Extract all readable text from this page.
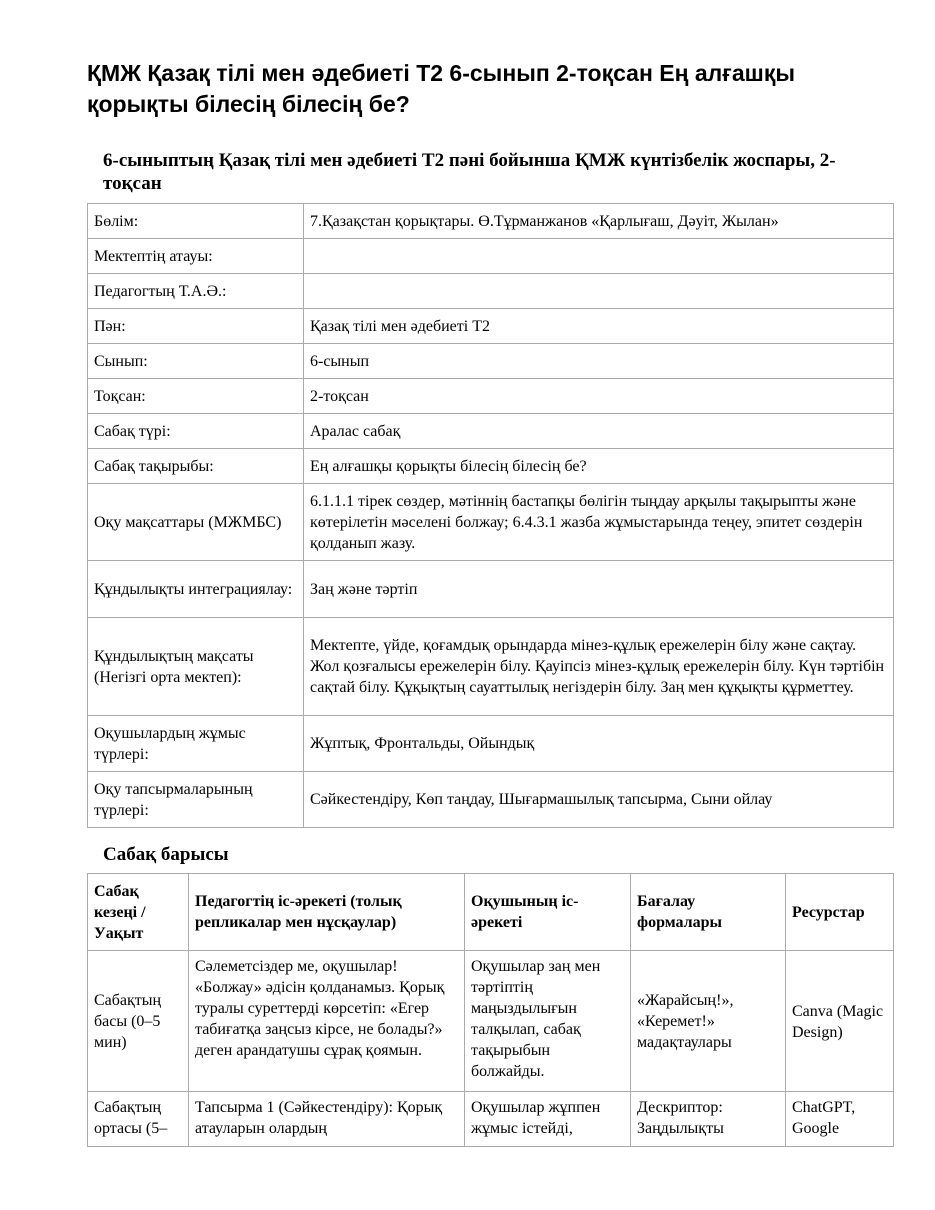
ҚМЖ Қазақ тілі мен әдебиеті Т2 6-сынып 2-тоқсан Ең алғашқы қорықты білесің білесің бе?
6-сыныптың Қазақ тілі мен әдебиеті Т2 пәні бойынша ҚМЖ күнтізбелік жоспары, 2-тоқсан
Бөлім:	7.Қазақстан қорықтары. Ө.Тұрманжанов «Қарлығаш, Дәуіт, Жылан»
Мектептің атауы:	
Педагогтың Т.А.Ә.:	
Пән:	Қазақ тілі мен әдебиеті Т2
Сынып:	6-сынып
Тоқсан:	2-тоқсан
Сабақ түрі:	Аралас сабақ
Сабақ тақырыбы:	Ең алғашқы қорықты білесің білесің бе?
Оқу мақсаттары (МЖМБС)	6.1.1.1 тірек сөздер, мәтіннің бастапқы бөлігін тыңдау арқылы тақырыпты және көтерілетін мәселені болжау; 6.4.3.1 жазба жұмыстарында теңеу, эпитет сөздерін қолданып жазу.
Құндылықты интеграциялау:	Заң және тәртіп
Құндылықтың мақсаты (Негізгі орта мектеп):	Мектепте, үйде, қоғамдық орындарда мінез-құлық ережелерін білу және сақтау. Жол қозғалысы ережелерін білу. Қауіпсіз мінез-құлық ережелерін білу. Күн тәртібін сақтай білу. Құқықтың сауаттылық негіздерін білу. Заң мен құқықты құрметтеу.
Оқушылардың жұмыс түрлері:	Жұптық, Фронтальды, Ойындық
Оқу тапсырмаларының түрлері:	Сәйкестендіру, Көп таңдау, Шығармашылық тапсырма, Сыни ойлау
Сабақ барысы
Сабақ кезеңі / Уақыт	Педагогтің іс-әрекеті (толық репликалар мен нұсқаулар)	Оқушының іс-әрекеті	Бағалау формалары	Ресурстар
Сабақтың басы (0–5 мин)	Сәлеметсіздер ме, оқушылар! «Болжау» әдісін қолданамыз. Қорық туралы суреттерді көрсетіп: «Егер табиғатқа заңсыз кірсе, не болады?» деген арандатушы сұрақ қоямын.	Оқушылар заң мен тәртіптің маңыздылығын талқылап, сабақ тақырыбын болжайды.	«Жарайсың!», «Керемет!» мадақтаулары	Canva (Magic Design)
Сабақтың ортасы (5–	Тапсырма 1 (Сәйкестендіру): Қорық атауларын олардың	Оқушылар жұппен жұмыс істейді,	Дескриптор: Заңдылықты	ChatGPT, Google
